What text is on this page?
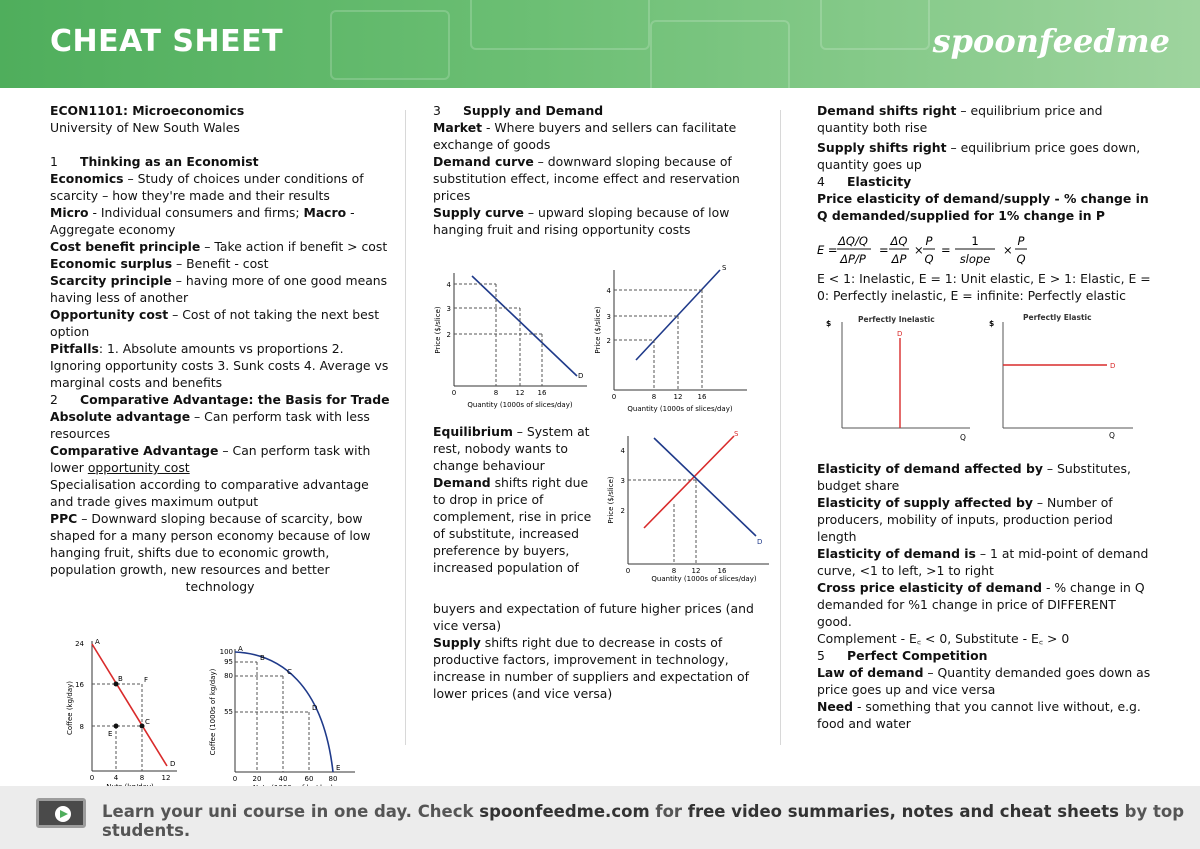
CHEAT SHEET	spoonfeedme

ECON1101: Microeconomics

University of New South Wales

1 Thinking as an Economist

Economics – Study of choices under conditions of scarcity – how they're made and their results

Micro - Individual consumers and firms; Macro - Aggregate economy

Cost benefit principle – Take action if benefit > cost

Economic surplus – Benefit - cost

Scarcity principle – having more of one good means having less of another

Opportunity cost – Cost of not taking the next best option

Pitfalls: 1. Absolute amounts vs proportions 2. Ignoring opportunity costs 3. Sunk costs 4. Average vs marginal costs and benefits

2	Comparative Advantage: the Basis for Trade

Absolute advantage – Can perform task with less resources

Comparative Advantage – Can perform task with lower opportunity cost

Specialisation according to comparative advantage and trade gives maximum output

PPC – Downward sloping because of scarcity, bow shaped for a many person economy because of low hanging fruit, shifts due to economic growth, population growth, new resources and better

technology

24
16
8
0	4	8 12
A
B
C
D
F
E
Coffee (kg/day)
100
95
80
55
0 20 40 60 80
A
B
C
D
E
Coffee (1000s of kg/day)

3 Supply and Demand

Market - Where buyers and sellers can facilitate exchange of goods

Demand curve – downward sloping because of substitution effect, income effect and reservation prices

Supply curve – upward sloping because of low hanging fruit and rising opportunity costs

4
3
2
0	8 12 16
D
Quantity (1000s of slices/day)
Price ($/slice)
4
3
2
0	8 12 16
S
Quantity (1000s of slices/day)
Price ($/slice)

Equilibrium – System at rest, nobody wants to change behaviour

Demand shifts right due to drop in price of complement, rise in price of substitute, increased preference by buyers, increased population of

buyers and expectation of future higher prices (and vice versa)

Supply shifts right due to decrease in costs of productive factors, improvement in technology, increase in number of suppliers and expectation of lower prices (and vice versa)

4
3
2
0	8 12 16
S
D
Quantity (1000s of slices/day)
Price ($/slice)

Demand shifts right – equilibrium price and quantity both rise

Supply shifts right – equilibrium price goes down, quantity goes up

4 Elasticity

Price elasticity of demand/supply - % change in Q demanded/supplied for 1% change in P

E =
ΔQ/Q
ΔP/P
=
ΔQ
ΔP
×
P
Q
=
1
slope
×
P
Q

E < 1: Inelastic, E = 1: Unit elastic, E > 1: Elastic, E = 0: Perfectly inelastic, E = infinite: Perfectly elastic

Perfectly Inelastic
$
Q
D
Perfectly Elastic
$
Q
D

Elasticity of demand affected by – Substitutes, budget share

Elasticity of supply affected by – Number of producers, mobility of inputs, production period length

Elasticity of demand is – 1 at mid-point of demand curve, <1 to left, >1 to right

Cross price elasticity of demand - % change in Q demanded for %1 change in price of DIFFERENT good.

Complement - E꜀ < 0, Substitute - E꜀ > 0

5 Perfect Competition

Law of demand – Quantity demanded goes down as price goes up and vice versa

Need - something that you cannot live without, e.g. food and water

Learn your uni course in one day. Check spoonfeedme.com for free video summaries, notes and cheat sheets by top students.
